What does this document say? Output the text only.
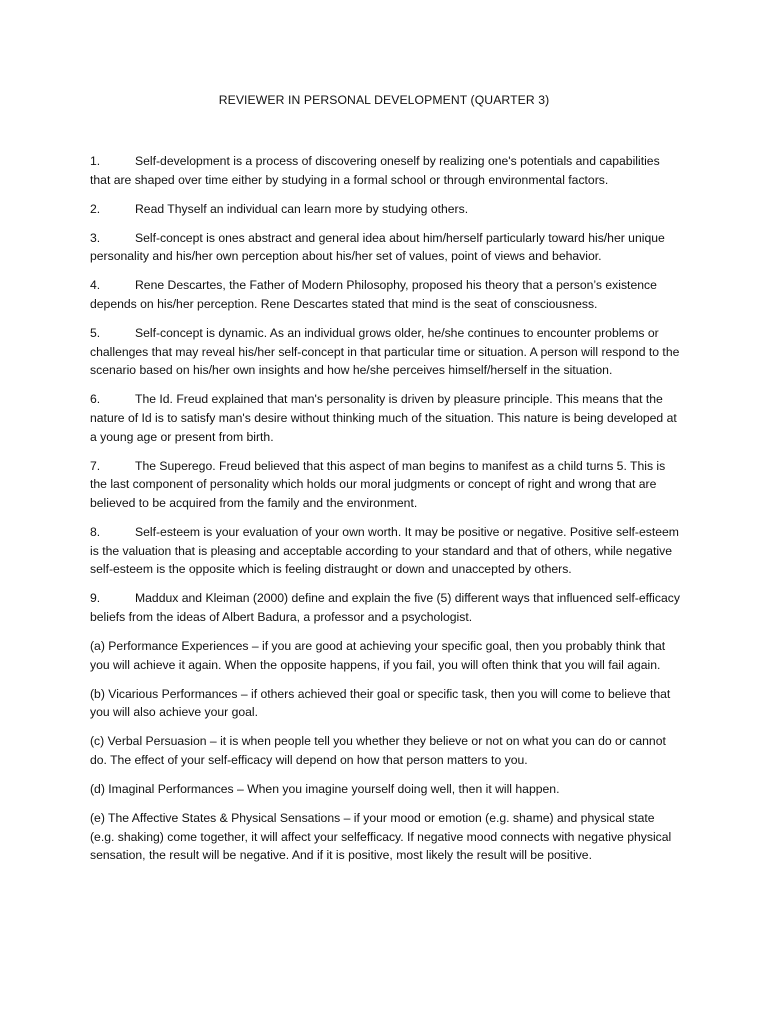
REVIEWER IN PERSONAL DEVELOPMENT (QUARTER 3)

1.	Self-development is a process of discovering oneself by realizing one's potentials and capabilities that are shaped over time either by studying in a formal school or through environmental factors.

2.	Read Thyself an individual can learn more by studying others.

3.	Self-concept is ones abstract and general idea about him/herself particularly toward his/her unique personality and his/her own perception about his/her set of values, point of views and behavior.

4.	Rene Descartes, the Father of Modern Philosophy, proposed his theory that a person’s existence depends on his/her perception. Rene Descartes stated that mind is the seat of consciousness.

5.	Self-concept is dynamic. As an individual grows older, he/she continues to encounter problems or challenges that may reveal his/her self-concept in that particular time or situation. A person will respond to the scenario based on his/her own insights and how he/she perceives himself/herself in the situation.

6.	The Id. Freud explained that man's personality is driven by pleasure principle. This means that the nature of Id is to satisfy man's desire without thinking much of the situation. This nature is being developed at a young age or present from birth.

7.	The Superego. Freud believed that this aspect of man begins to manifest as a child turns 5. This is the last component of personality which holds our moral judgments or concept of right and wrong that are believed to be acquired from the family and the environment.

8.	Self-esteem is your evaluation of your own worth. It may be positive or negative. Positive self-esteem is the valuation that is pleasing and acceptable according to your standard and that of others, while negative self-esteem is the opposite which is feeling distraught or down and unaccepted by others.

9.	Maddux and Kleiman (2000) define and explain the five (5) different ways that influenced self-efficacy beliefs from the ideas of Albert Badura, a professor and a psychologist.

(a) Performance Experiences – if you are good at achieving your specific goal, then you probably think that you will achieve it again. When the opposite happens, if you fail, you will often think that you will fail again.

(b) Vicarious Performances – if others achieved their goal or specific task, then you will come to believe that you will also achieve your goal.

(c) Verbal Persuasion – it is when people tell you whether they believe or not on what you can do or cannot do. The effect of your self-efficacy will depend on how that person matters to you.

(d) Imaginal Performances – When you imagine yourself doing well, then it will happen.

(e) The Affective States & Physical Sensations – if your mood or emotion (e.g. shame) and physical state (e.g. shaking) come together, it will affect your selfefficacy. If negative mood connects with negative physical sensation, the result will be negative. And if it is positive, most likely the result will be positive.
